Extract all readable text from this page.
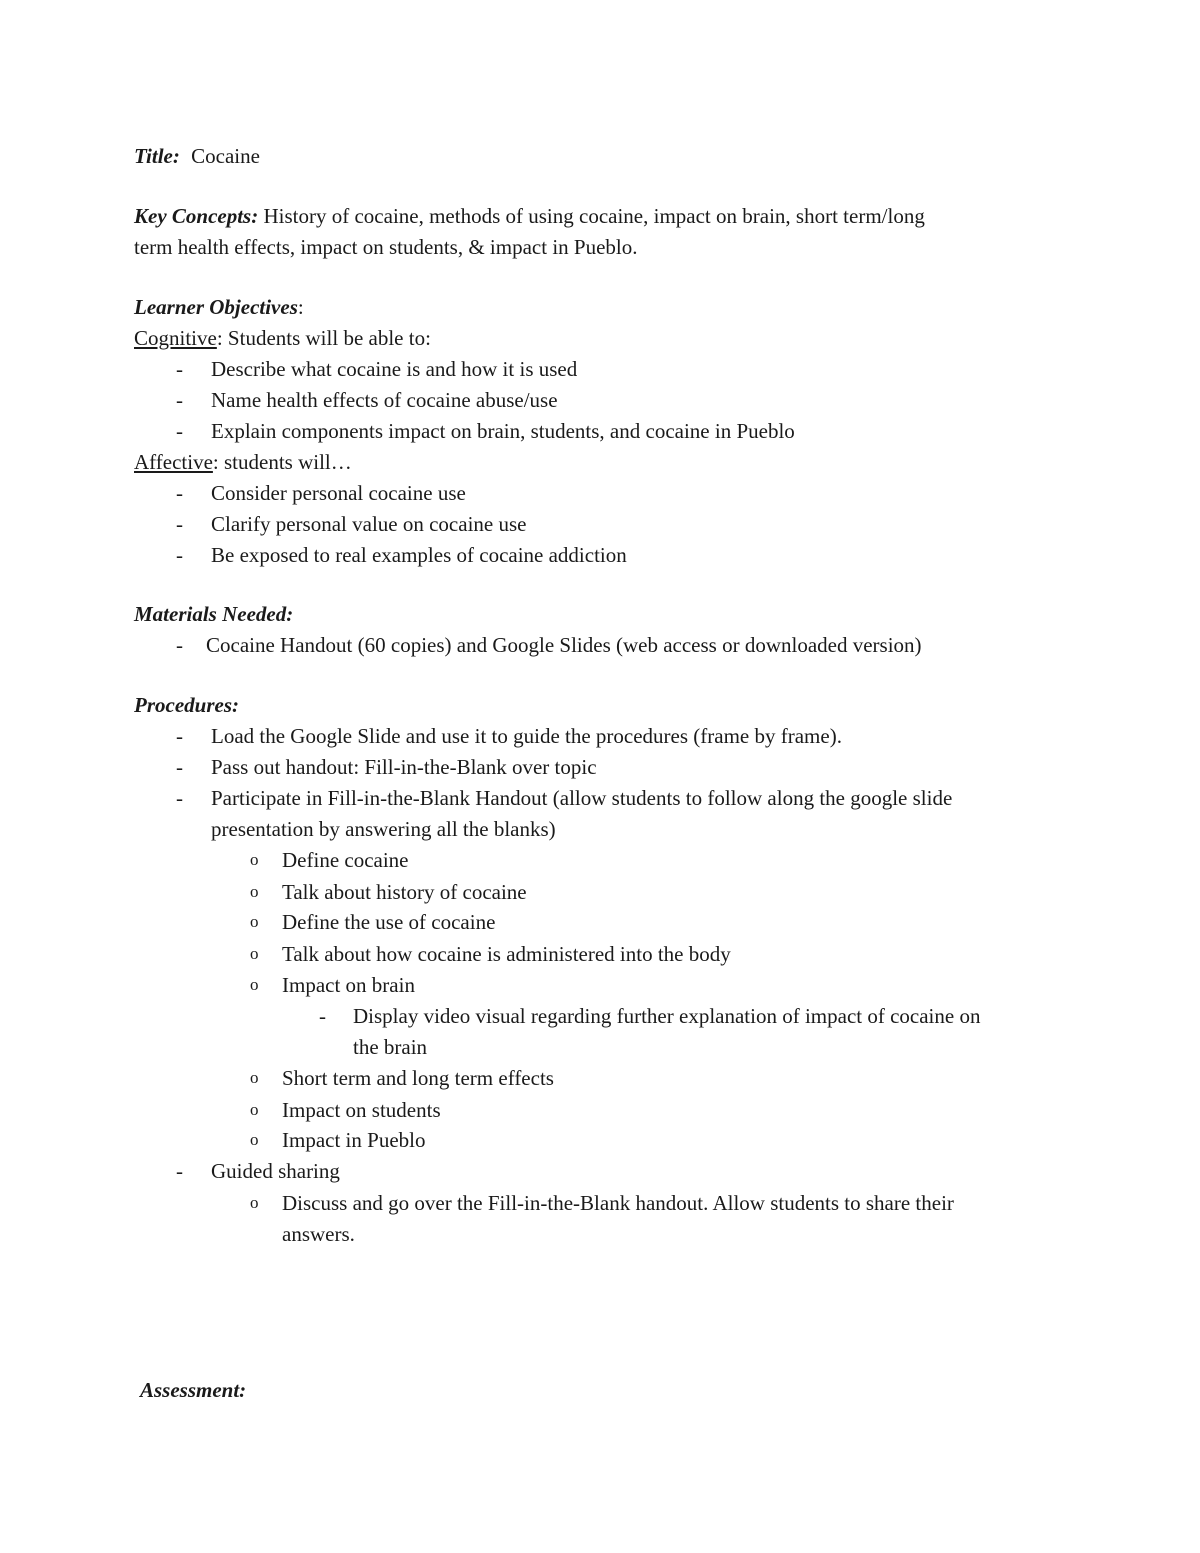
Title: Cocaine
Key Concepts: History of cocaine, methods of using cocaine, impact on brain, short term/long
term health effects, impact on students, & impact in Pueblo.
Learner Objectives:
Cognitive: Students will be able to:
- Describe what cocaine is and how it is used
- Name health effects of cocaine abuse/use
- Explain components impact on brain, students, and cocaine in Pueblo
Affective: students will…
- Consider personal cocaine use
- Clarify personal value on cocaine use
- Be exposed to real examples of cocaine addiction
Materials Needed:
- Cocaine Handout (60 copies) and Google Slides (web access or downloaded version)
Procedures:
- Load the Google Slide and use it to guide the procedures (frame by frame).
- Pass out handout: Fill-in-the-Blank over topic
- Participate in Fill-in-the-Blank Handout (allow students to follow along the google slide
presentation by answering all the blanks)
o Define cocaine
o Talk about history of cocaine
o Define the use of cocaine
o Talk about how cocaine is administered into the body
o Impact on brain
- Display video visual regarding further explanation of impact of cocaine on
the brain
o Short term and long term effects
o Impact on students
o Impact in Pueblo
- Guided sharing
o Discuss and go over the Fill-in-the-Blank handout. Allow students to share their
answers.
Assessment:
